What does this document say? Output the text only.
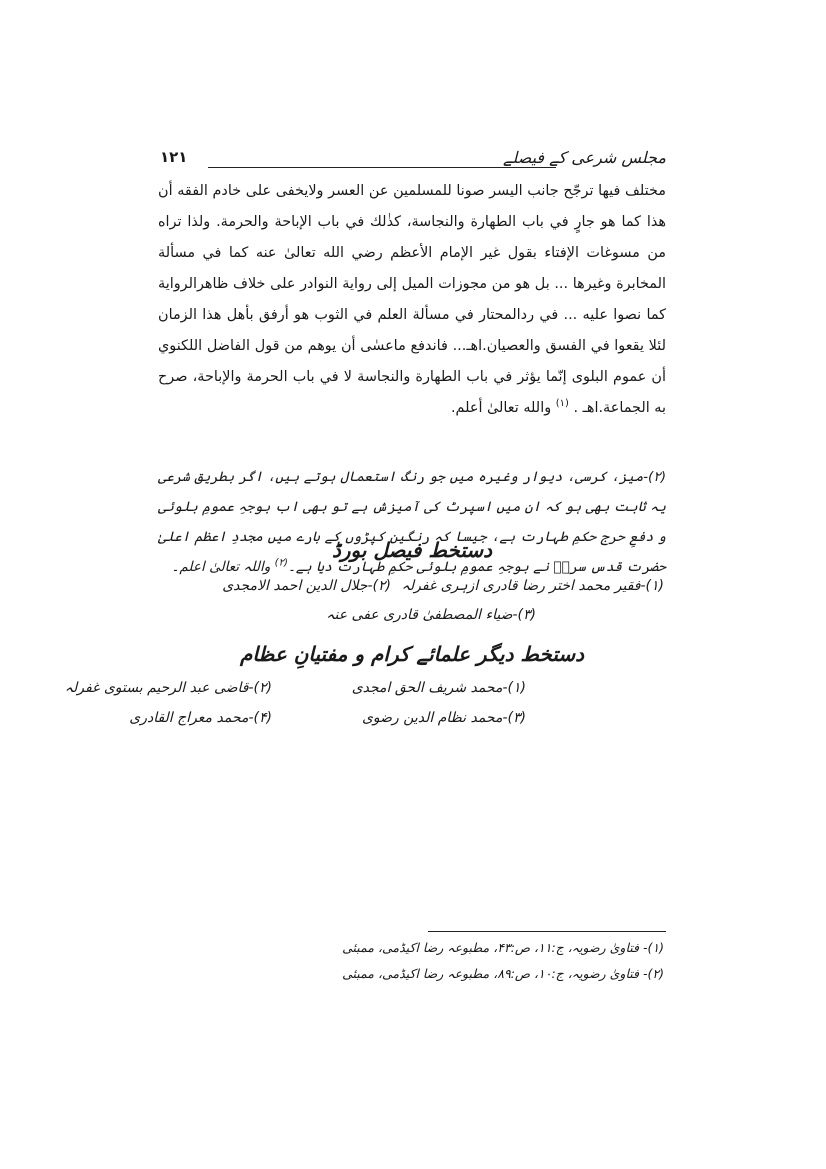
مجلس شرعی کے فیصلے
۱۲۱

مختلف فيها ترجّح جانب اليسر صونا للمسلمين عن العسر ولايخفى على خادم الفقه أن هذا كما هو جارٍ في باب الطهارة والنجاسة، كذٰلك في باب الإباحة والحرمة. ولذا تراه من مسوغات الإفتاء بقول غير الإمام الأعظم رضي الله تعالىٰ عنه كما في مسألة المخابرة وغيرها ... بل هو من مجوزات الميل إلى رواية النوادر على خلاف ظاهرالرواية كما نصوا عليه ... في ردالمحتار في مسألة العلم في الثوب هو أرفق بأهل هذا الزمان لئلا يقعوا في الفسق والعصيان.اهـ... فاندفع ماعسٰى أن يوهم من قول الفاضل اللكنوي أن عموم البلوى إنّما يؤثر في باب الطهارة والنجاسة لا في باب الحرمة والإباحة، صرح به الجماعة.اهـ . $^{(۱)}$ والله تعالیٰ أعلم.

(۲)-میز، کرسی، دیوار وغیرہ میں جو رنگ استعمال ہوتے ہیں، اگر بطریق شرعی یہ ثابت بھی ہو کہ ان میں اسپرٹ کی آمیزش ہے تو بھی اب بوجہِ عمومِ بلوئی و دفعِ حرج حکمِ طہارت ہے، جیسا کہ رنگین کپڑوں کے بارے میں مجددِ اعظم اعلیٰ حضرت قدس سرہٗ نے بوجہِ عمومِ بلوئی حکمِ طہارت دیا ہے۔$^{(۲)}$ واللہ تعالیٰ اعلم۔

دستخط فیصل بورڈ
(۱)-فقیر محمد اختر رضا قادری ازہری غفرلہ
(۲)-جلال الدین احمد الامجدی
(۳)-ضیاء المصطفیٰ قادری عفی عنہ
دستخط دیگر علمائے کرام و مفتیانِ عظام
(۱)-محمد شریف الحق امجدی
(۲)-قاضی عبد الرحیم بستوی غفرلہ
(۳)-محمد نظام الدین رضوی
(۴)-محمد معراج القادری
(۱)- فتاویٰ رضویہ، ج:۱۱، ص:۴۳، مطبوعہ رضا اکیڈمی، ممبئی
(۲)- فتاویٰ رضویہ، ج:۱۰، ص:۸۹، مطبوعہ رضا اکیڈمی، ممبئی
